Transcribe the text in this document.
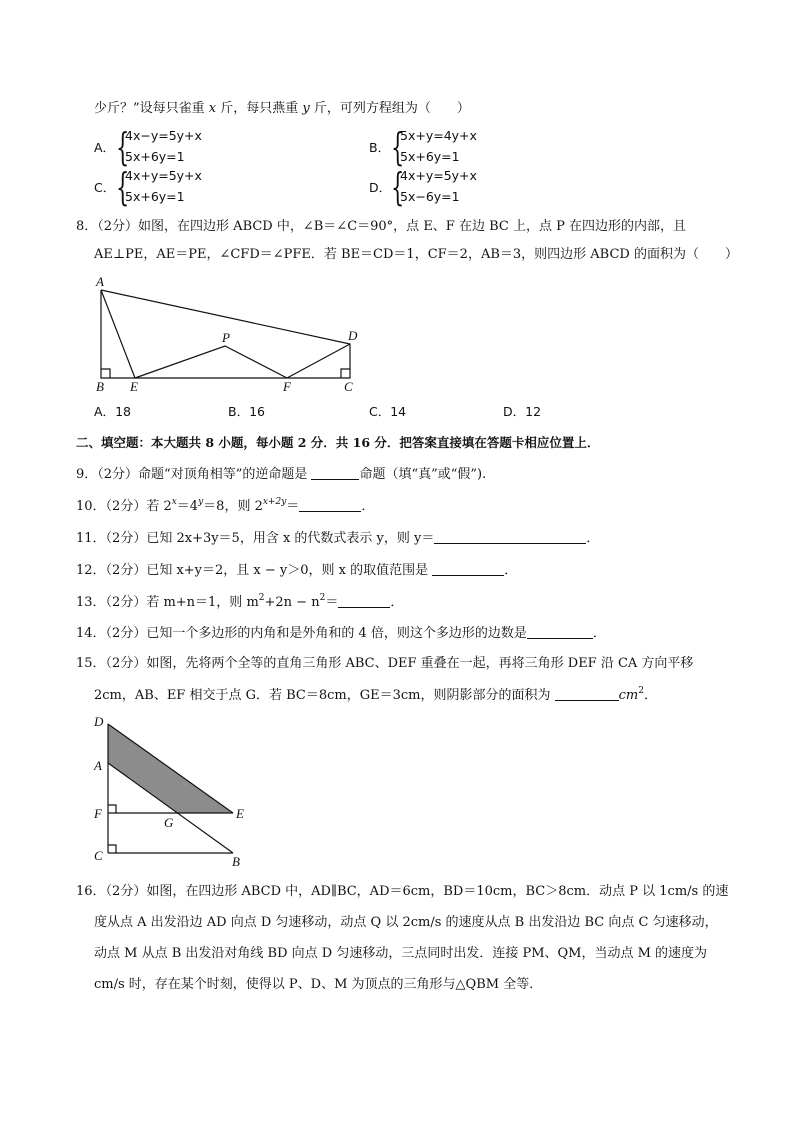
少斤？”设每只雀重 x 斤，每只燕重 y 斤，可列方程组为（　　）
A． {
4x−y=5y+x
5x+6y=1
B． {
5x+y=4y+x
5x+6y=1
C． {
4x+y=5y+x
5x+6y=1
D． {
4x+y=5y+x
5x−6y=1
8．（2分）如图，在四边形 ABCD 中，∠B＝∠C＝90°，点 E、F 在边 BC 上，点 P 在四边形的内部，且
AE⊥PE，AE＝PE，∠CFD＝∠PFE．若 BE＝CD＝1，CF＝2，AB＝3，则四边形 ABCD 的面积为（　　）
A
B E
P
F	C
D
A．18	B．16	C．14	D．12
二、填空题：本大题共 8 小题，每小题 2 分．共 16 分．把答案直接填在答题卡相应位置上．
9．（2分）命题“对顶角相等”的逆命题是	命题（填“真”或“假”).
10．（2分）若 $2^x=4^y=8$，则 $2^{x+2y}=$	．
11．（2分）已知 2x+3y＝5，用含 x 的代数式表示 y，则 y＝	．
12．（2分）已知 x+y＝2，且 x − y＞0，则 x 的取值范围是	．
13．（2分）若 m+n＝1，则 $m^2+2n - n^2=$	．
14．（2分）已知一个多边形的内角和是外角和的 4 倍，则这个多边形的边数是	．
15．（2分）如图，先将两个全等的直角三角形 ABC、DEF 重叠在一起，再将三角形 DEF 沿 CA 方向平移
2cm，AB、EF 相交于点 G．若 BC＝8cm，GE＝3cm，则阴影部分的面积为	$cm^2$．
D
A
F
G
E
C	B
16．（2分）如图，在四边形 ABCD 中，AD∥BC，AD＝6cm，BD＝10cm，BC＞8cm．动点 P 以 1cm/s 的速
度从点 A 出发沿边 AD 向点 D 匀速移动，动点 Q 以 2cm/s 的速度从点 B 出发沿边 BC 向点 C 匀速移动，
动点 M 从点 B 出发沿对角线 BD 向点 D 匀速移动，三点同时出发．连接 PM、QM，当动点 M 的速度为
cm/s 时，存在某个时刻，使得以 P、D、M 为顶点的三角形与△QBM 全等．
